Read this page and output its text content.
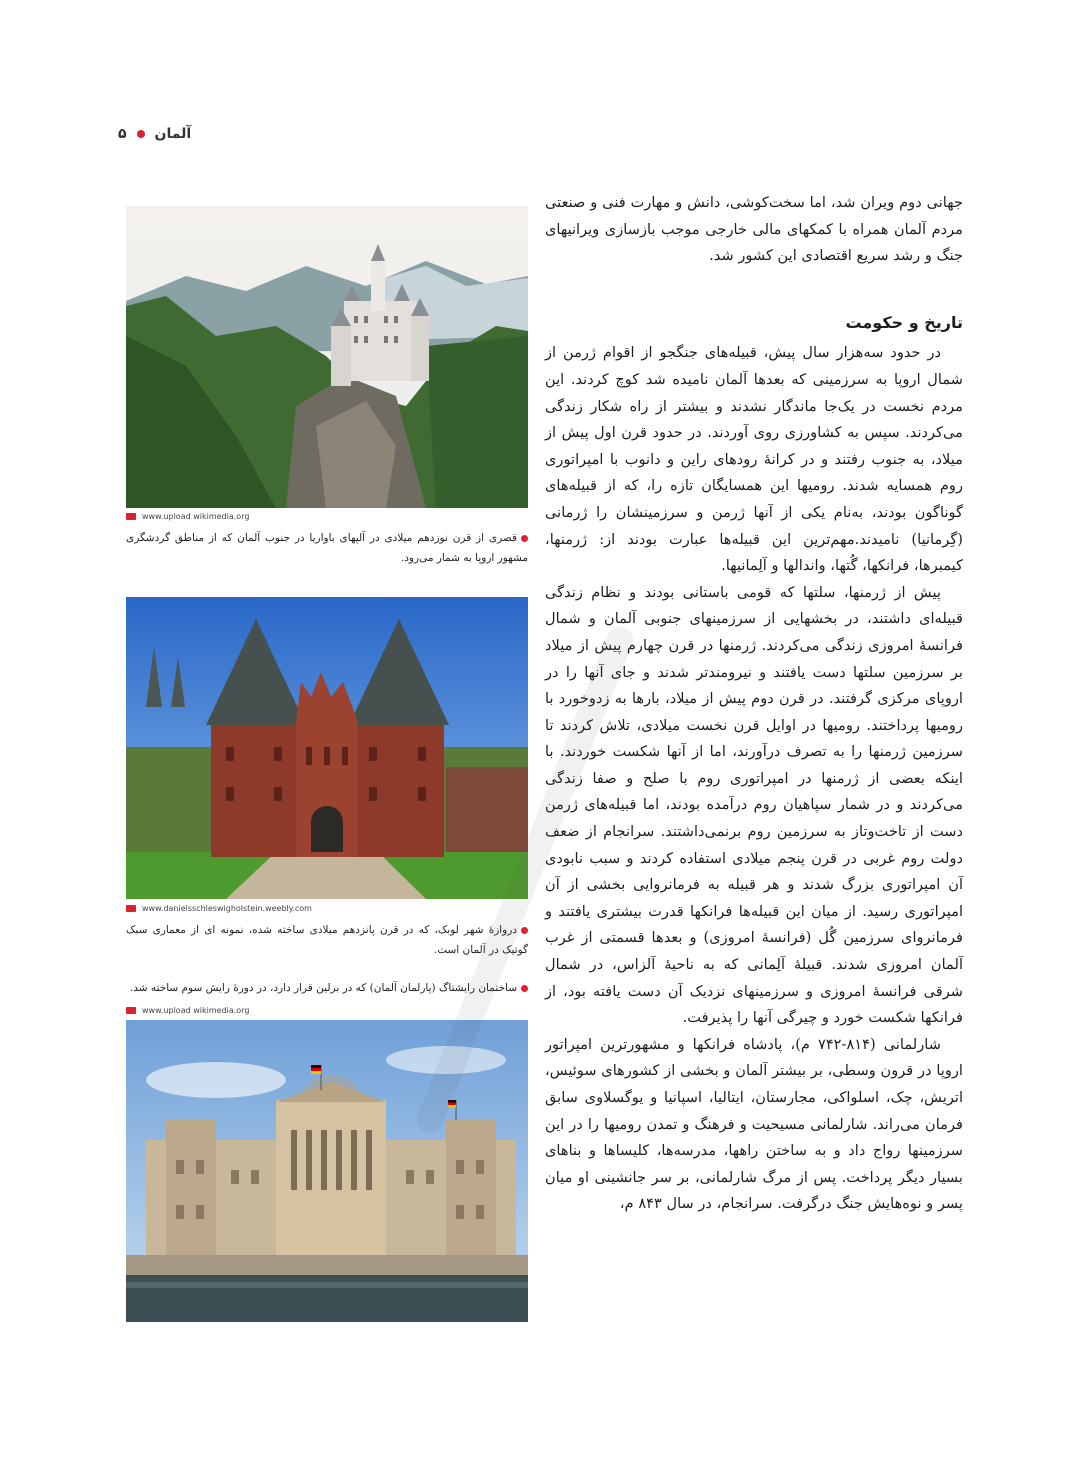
۵ آلمان

جهانی دوم ویران شد، اما سخت‌کوشی، دانش و مهارت فنی و صنعتی مردم آلمان همراه با کمکهای مالی خارجی موجب بازسازی ویرانیهای جنگ و رشد سریع اقتصادی این کشور شد.

تاریخ و حکومت

در حدود سه‌هزار سال پیش، قبیله‌های جنگجو از اقوام ژرمن از شمال اروپا به سرزمینی که بعدها آلمان نامیده شد کوچ کردند. این مردم نخست در یک‌جا ماندگار نشدند و بیشتر از راه شکار زندگی می‌کردند. سپس به کشاورزی روی آوردند. در حدود قرن اول پیش از میلاد، به جنوب رفتند و در کرانهٔ رودهای راین و دانوب با امپراتوری روم همسایه شدند. رومیها این همسایگان تازه را، که از قبیله‌های گوناگون بودند، به‌نام یکی از آنها ژرمن و سرزمینشان را ژرمانی (گِرمانیا) نامیدند.مهم‌ترین این قبیله‌ها عبارت بودند از: ژرمنها، کیمبرها، فرانکها، گُتها، واندالها و آلِمانیها.

پیش از ژرمنها، سلتها که قومی باستانی بودند و نظام زندگی قبیله‌ای داشتند، در بخشهایی از سرزمینهای جنوبی آلمان و شمال فرانسهٔ امروزی زندگی می‌کردند. ژرمنها در قرن چهارم پیش از میلاد بر سرزمین سلتها دست یافتند و نیرومندتر شدند و جای آنها را در اروپای مرکزی گرفتند. در قرن دوم پیش از میلاد، بارها به زدوخورد با رومیها پرداختند. رومیها در اوایل قرن نخست میلادی، تلاش کردند تا سرزمین ژرمنها را به تصرف درآورند، اما از آنها شکست خوردند. با اینکه بعضی از ژرمنها در امپراتوری روم با صلح و صفا زندگی می‌کردند و در شمار سپاهیان روم درآمده بودند، اما قبیله‌های ژرمن دست از تاخت‌وتاز به سرزمین روم برنمی‌داشتند. سرانجام از ضعف دولت روم غربی در قرن پنجم میلادی استفاده کردند و سبب نابودی آن امپراتوری بزرگ شدند و هر قبیله به فرمانروایی بخشی از آن امپراتوری رسید. از میان این قبیله‌ها فرانکها قدرت بیشتری یافتند و فرمانروای سرزمین گُل (فرانسهٔ امروزی) و بعدها قسمتی از غرب آلمان امروزی شدند. قبیلهٔ آلِمانی که به ناحیهٔ آلزاس، در شمال شرقی فرانسهٔ امروزی و سرزمینهای نزدیک آن دست یافته بود، از فرانکها شکست خورد و چیرگی آنها را پذیرفت.

شارلمانی (۸۱۴-۷۴۲ م)، پادشاه فرانکها و مشهورترین امپراتور اروپا در قرون وسطی، بر بیشتر آلمان و بخشی از کشورهای سوئیس، اتریش، چک، اسلواکی، مجارستان، ایتالیا، اسپانیا و یوگسلاوی سابق فرمان می‌راند. شارلمانی مسیحیت و فرهنگ و تمدن رومیها را در این سرزمینها رواج داد و به ساختن راهها، مدرسه‌ها، کلیساها و بناهای بسیار دیگر پرداخت. پس از مرگ شارلمانی، بر سر جانشینی او میان پسر و نوه‌هایش جنگ درگرفت. سرانجام، در سال ۸۴۳ م،

www.upload wikimedia.org
قصری از قرن نوزدهم میلادی در آلپهای باواریا در جنوب آلمان که از مناطق گردشگری مشهور اروپا به شمار می‌رود.
www.danielsschleswigholstein.weebly.com
دروازهٔ شهر لوبک، که در قرن پانزدهم میلادی ساخته شده، نمونه ای از معماری سبک گوتیک در آلمان است.
ساختمان رایشتاگ (پارلمان آلمان) که در برلین قرار دارد، در دورهٔ رایش سوم ساخته شد.
www.upload wikimedia.org
